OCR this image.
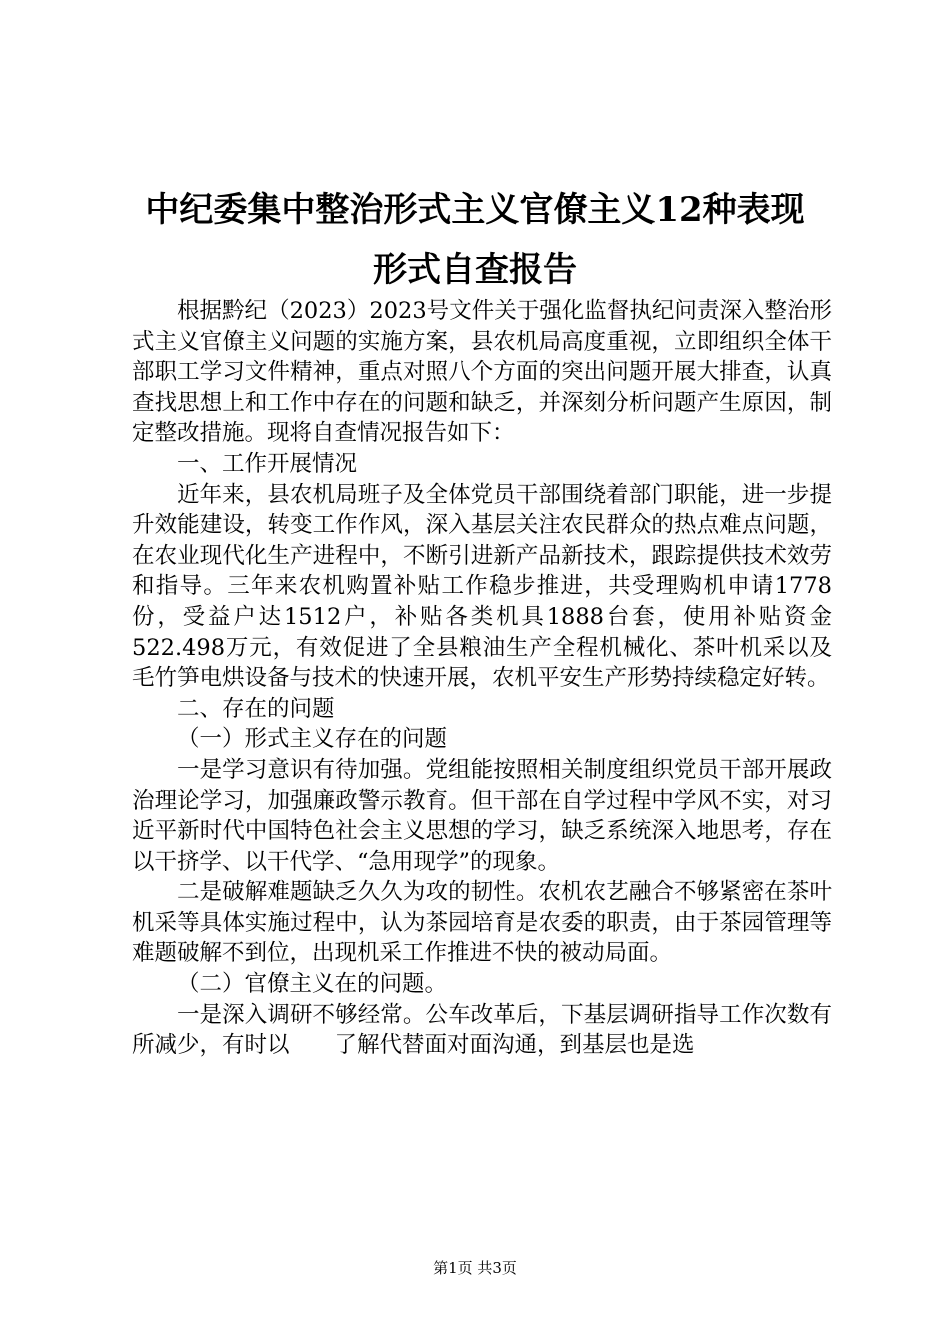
中纪委集中整治形式主义官僚主义12种表现
形式自查报告

根据黔纪（2023）2023号文件关于强化监督执纪问责深入整治形式主义官僚主义问题的实施方案，县农机局高度重视，立即组织全体干部职工学习文件精神，重点对照八个方面的突出问题开展大排查，认真查找思想上和工作中存在的问题和缺乏，并深刻分析问题产生原因，制定整改措施。现将自查情况报告如下：

一、工作开展情况

近年来，县农机局班子及全体党员干部围绕着部门职能，进一步提升效能建设，转变工作作风，深入基层关注农民群众的热点难点问题，在农业现代化生产进程中，不断引进新产品新技术，跟踪提供技术效劳和指导。三年来农机购置补贴工作稳步推进，共受理购机申请1778份，受益户达1512户，补贴各类机具1888台套，使用补贴资金522.498万元，有效促进了全县粮油生产全程机械化、茶叶机采以及毛竹笋电烘设备与技术的快速开展，农机平安生产形势持续稳定好转。

二、存在的问题

（一）形式主义存在的问题

一是学习意识有待加强。党组能按照相关制度组织党员干部开展政治理论学习，加强廉政警示教育。但干部在自学过程中学风不实，对习近平新时代中国特色社会主义思想的学习，缺乏系统深入地思考，存在以干挤学、以干代学、“急用现学”的现象。

二是破解难题缺乏久久为攻的韧性。农机农艺融合不够紧密在茶叶机采等具体实施过程中，认为茶园培育是农委的职责，由于茶园管理等难题破解不到位，出现机采工作推进不快的被动局面。

（二）官僚主义在的问题。

一是深入调研不够经常。公车改革后，下基层调研指导工作次数有所减少，有时以　　了解代替面对面沟通，到基层也是选

第1页 共3页
